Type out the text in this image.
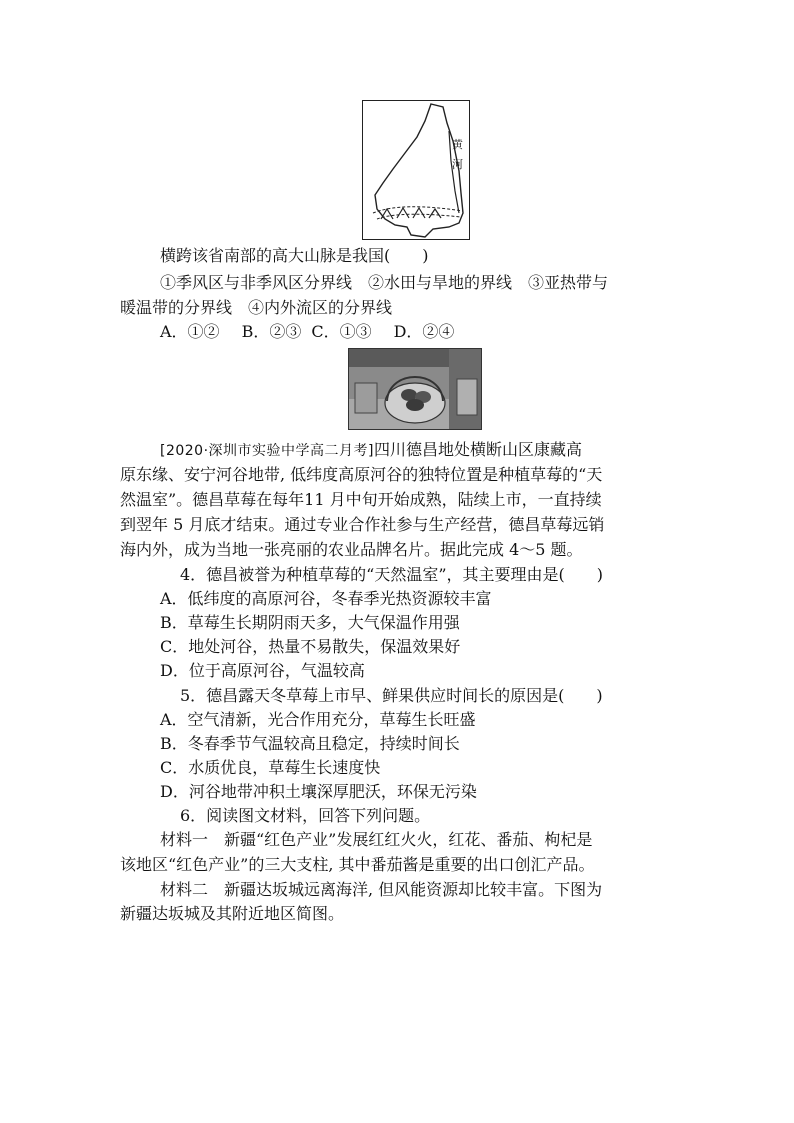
黄河
横跨该省南部的高大山脉是我国(　　)
①季风区与非季风区分界线　②水田与旱地的界线　③亚热带与
暖温带的分界线　④内外流区的分界线
A．①② B．②③ C．①③ D．②④
[2020·深圳市实验中学高二月考]四川德昌地处横断山区康藏高
原东缘、安宁河谷地带, 低纬度高原河谷的独特位置是种植草莓的“天
然温室”。德昌草莓在每年11 月中旬开始成熟，陆续上市，一直持续
到翌年 5 月底才结束。通过专业合作社参与生产经营，德昌草莓远销
海内外，成为当地一张亮丽的农业品牌名片。据此完成 4～5 题。
4．德昌被誉为种植草莓的“天然温室”，其主要理由是(　　)
A．低纬度的高原河谷，冬春季光热资源较丰富
B．草莓生长期阴雨天多，大气保温作用强
C．地处河谷，热量不易散失，保温效果好
D．位于高原河谷，气温较高
5．德昌露天冬草莓上市早、鲜果供应时间长的原因是(　　)
A．空气清新，光合作用充分，草莓生长旺盛
B．冬春季节气温较高且稳定，持续时间长
C．水质优良，草莓生长速度快
D．河谷地带冲积土壤深厚肥沃，环保无污染
6．阅读图文材料，回答下列问题。
材料一　新疆“红色产业”发展红红火火，红花、番茄、枸杞是
该地区“红色产业”的三大支柱, 其中番茄酱是重要的出口创汇产品。
材料二　新疆达坂城远离海洋, 但风能资源却比较丰富。下图为
新疆达坂城及其附近地区简图。
